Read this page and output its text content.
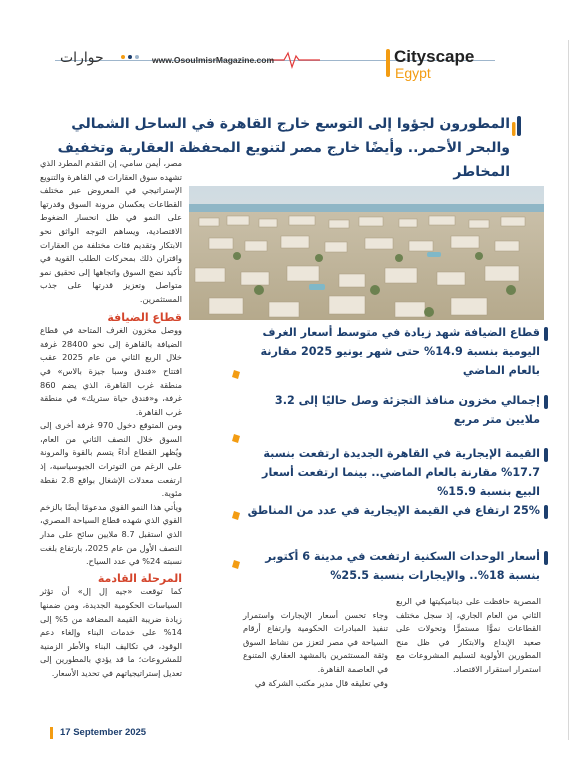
www.OsoulmisrMagazine.com
حوارات	Cityscape
Egypt
المطورون لجؤوا إلى التوسع خارج القاهرة في الساحل الشمالي والبحر الأحمر.. وأيضًا خارج مصر لتنويع المحفظة العقارية وتخفيف المخاطر

مصر، أيمن سامي، إن التقدم المطرد الذي تشهده سوق العقارات في القاهرة والتنويع الإستراتيجي في المعروض عبر مختلف القطاعات يعكسان مرونة السوق وقدرتها على النمو في ظل انحسار الضغوط الاقتصادية، ويساهم التوجه الواثق نحو الابتكار وتقديم فئات مختلفة من العقارات واقتران ذلك بمحركات الطلب القوية في تأكيد نضج السوق واتجاهها إلى تحقيق نمو متواصل وتعزيز قدرتها على جذب المستثمرين.

قطاع الضيافة

ووصل مخزون الغرف المتاحة في قطاع الضيافة بالقاهرة إلى نحو 28400 غرفة خلال الربع الثاني من عام 2025 عقب افتتاح «فندق وسبا جيزة بالاس» في منطقة غرب القاهرة، الذي يضم 860 غرفة، و«فندق حياة ستريك» في منطقة غرب القاهرة.

ومن المتوقع دخول 970 غرفة أخرى إلى السوق خلال النصف الثاني من العام، ويُظهر القطاع أداءً يتسم بالقوة والمرونة على الرغم من التوترات الجيوسياسية، إذ ارتفعت معدلات الإشغال بواقع 2.8 نقطة مئوية.

ويأتي هذا النمو القوي مدعومًا أيضًا بالزخم القوي الذي شهده قطاع السياحة المصري، الذي استقبل 8.7 ملايين سائح على مدار النصف الأول من عام 2025، بارتفاع بلغت نسبته 24% في عدد السياح.

المرحلة القادمة

كما توقعت «جيه إل إل» أن تؤثر السياسات الحكومية الجديدة، ومن ضمنها زيادة ضريبة القيمة المضافة من 5% إلى 14% على خدمات البناء وإلغاء دعم الوقود، في تكاليف البناء والأطر الزمنية للمشروعات؛ ما قد يؤدي بالمطورين إلى تعديل إستراتيجياتهم في تحديد الأسعار.

قطاع الضيافة شهد زيادة في متوسط أسعار الغرف اليومية بنسبة 14.9% حتى شهر يونيو 2025 مقارنة بالعام الماضي
إجمالي مخزون منافذ التجزئة وصل حاليًا إلى 3.2 ملايين متر مربع
القيمة الإيجارية في القاهرة الجديدة ارتفعت بنسبة 17.7% مقارنة بالعام الماضي.. بينما ارتفعت أسعار البيع بنسبة 15.9%
25% ارتفاع في القيمة الإيجارية في عدد من المناطق
أسعار الوحدات السكنية ارتفعت في مدينة 6 أكتوبر بنسبة 18%.. والإيجارات بنسبة 25.5%

المصرية حافظت على ديناميكيتها في الربع الثاني من العام الجاري، إذ سجل مختلف القطاعات نموًّا مستمرًّا وتحولات على صعيد الإبداع والابتكار في ظل منح المطورين الأولوية لتسليم المشروعات مع استمرار استقرار الاقتصاد.

وجاء تحسن أسعار الإيجارات واستمرار تنفيذ المبادرات الحكومية وارتفاع أرقام السياحة في مصر لتعزز من نشاط السوق وثقة المستثمرين بالمشهد العقاري المتنوع في العاصمة القاهرة.
وفي تعليقه قال مدير مكتب الشركة في

17 September 2025
